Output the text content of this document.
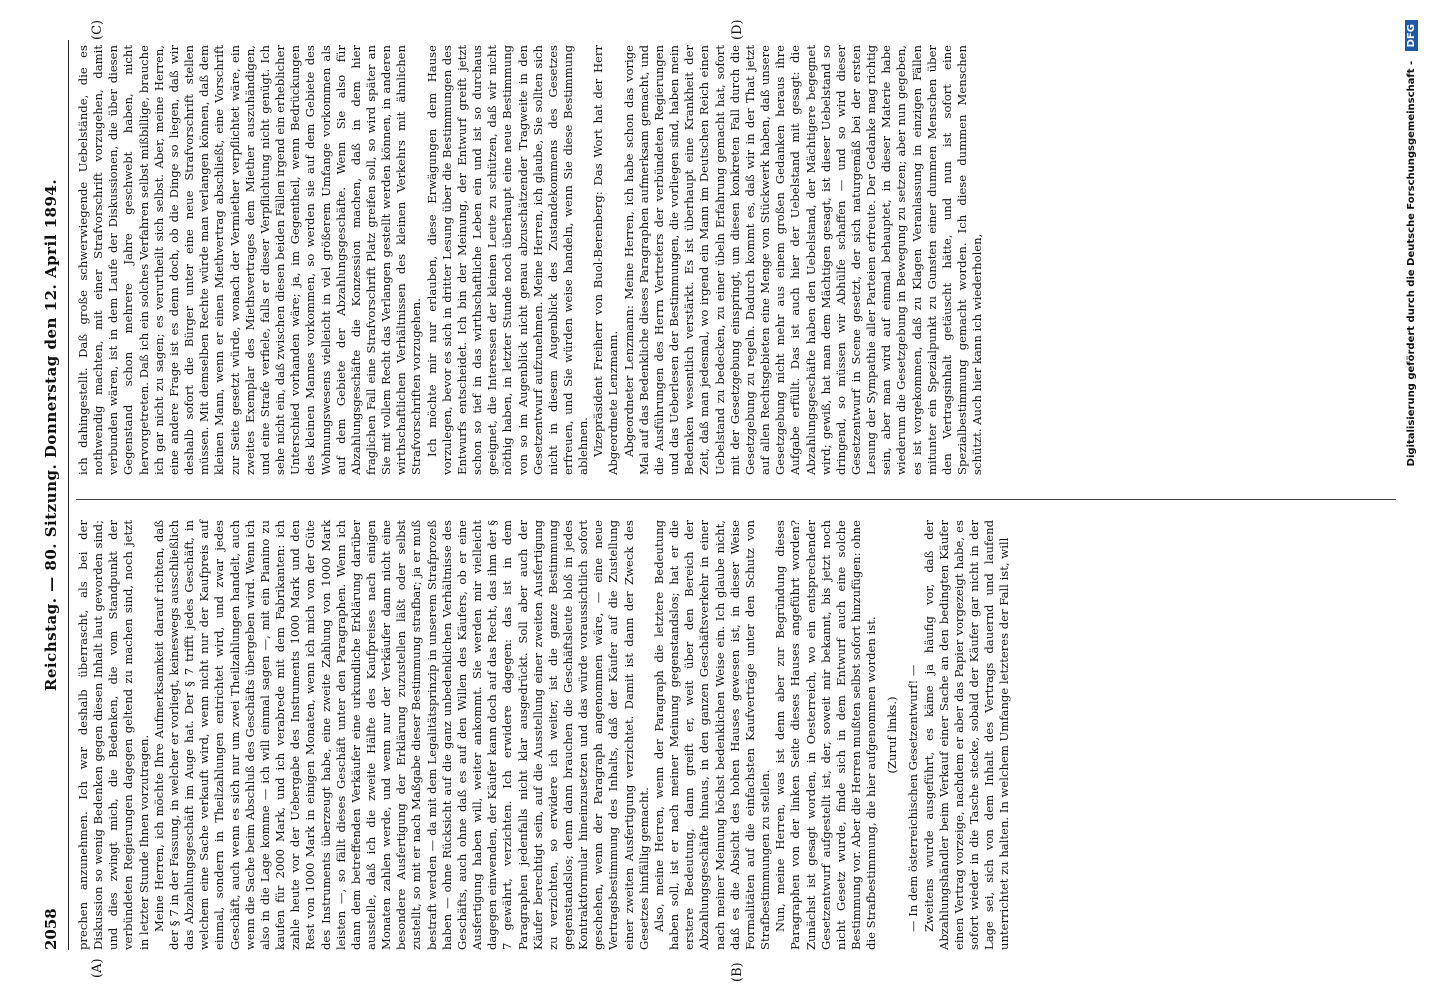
2058
Reichstag. — 80. Sitzung. Donnerstag den 12. April 1894.
(A)	(B)
(C)	(D)

prechen anzunehmen. Ich war deshalb überrascht, als bei der Diskussion so wenig Bedenken gegen diesen Inhalt laut geworden sind; und dies zwingt mich, die Bedenken, die vom Standpunkt der verbündeten Regierungen dagegen geltend zu machen sind, noch jetzt in letzter Stunde Ihnen vorzutragen. Meine Herren, ich möchte Ihre Aufmerksamkeit darauf richten, daß der § 7 in der Fassung, in welcher er vorliegt, keineswegs ausschließlich das Abzahlungsgeschäft im Auge hat. Der § 7 trifft jedes Geschäft, in welchem eine Sache verkauft wird, wenn nicht nur der Kaufpreis auf einmal, sondern in Theilzahlungen entrichtet wird, und zwar jedes Geschäft, auch wenn es sich nur um zwei Theilzahlungen handelt, auch wenn die Sache beim Abschluß des Geschäfts übergeben wird. Wenn ich also in die Lage komme — ich will einmal sagen —, mit ein Pianino zu kaufen für 2000 Mark, und ich verabrede mit dem Fabrikanten: ich zahle heute vor der Uebergabe des Instruments 1000 Mark und den Rest von 1000 Mark in einigen Monaten, wenn ich mich von der Güte des Instruments überzeugt habe, eine zweite Zahlung von 1000 Mark leisten —, so fällt dieses Geschäft unter den Paragraphen. Wenn ich dann dem betreffenden Verkäufer eine urkundliche Erklärung darüber ausstelle, daß ich die zweite Hälfte des Kaufpreises nach einigen Monaten zahlen werde, und wenn nur der Verkäufer dann nicht eine besondere Ausfertigung der Erklärung zuzustellen läßt oder selbst zustellt, so mit er nach Maßgabe dieser Bestimmung strafbar; ja er muß bestraft werden — da mit dem Legalitätsprinzip in unserem Strafprozeß haben — ohne Rücksicht auf die ganz unbedenklichen Verhältnisse des Geschäfts, auch ohne daß es auf den Willen des Käufers, ob er eine Ausfertigung haben will, weiter ankommt. Sie werden mir vielleicht dagegen einwenden, der Käufer kann doch auf das Recht, das ihm der § 7 gewährt, verzichten. Ich erwidere dagegen: das ist in dem Paragraphen jedenfalls nicht klar ausgedrückt. Soll aber auch der Käufer berechtigt sein, auf die Ausstellung einer zweiten Ausfertigung zu verzichten, so erwidere ich weiter, ist die ganze Bestimmung gegenstandslos; denn dann brauchen die Geschäftsleute bloß in jedes Kontraktformular hineinzusetzen und das würde voraussichtlich sofort geschehen, wenn der Paragraph angenommen wäre, — eine neue Vertragsbestimmung des Inhalts, daß der Käufer auf die Zustellung einer zweiten Ausfertigung verzichtet. Damit ist dann der Zweck des Gesetzes hinfällig gemacht. Also, meine Herren, wenn der Paragraph die letztere Bedeutung haben soll, ist er nach meiner Meinung gegenstandslos; hat er die erstere Bedeutung, dann greift er, weit über den Bereich der Abzahlungsgeschäfte hinaus, in den ganzen Geschäftsverkehr in einer nach meiner Meinung höchst bedenklichen Weise ein. Ich glaube nicht, daß es die Absicht des hohen Hauses gewesen ist, in dieser Weise Formalitäten auf die einfachsten Kaufverträge unter den Schutz von Strafbestimmungen zu stellen. Nun, meine Herren, was ist denn aber zur Begründung dieses Paragraphen von der linken Seite dieses Hauses angeführt worden? Zunächst ist gesagt worden, in Oesterreich, wo ein entsprechender Gesetzentwurf aufgestellt ist, der, soweit mir bekannt, bis jetzt noch nicht Gesetz wurde, finde sich in dem Entwurf auch eine solche Bestimmung vor. Aber die Herren mußten selbst sofort hinzufügen: ohne die Strafbestimmung, die hier aufgenommen worden ist. (Zuruf links.) — In dem österreichischen Gesetzentwurf! — Zweitens wurde ausgeführt, es käme ja häufig vor, daß der Abzahlungshändler beim Verkauf einer Sache an den bedingten Käufer einen Vertrag vorzeige, nachdem er aber das Papier vorgezeigt habe, es sofort wieder in die Tasche stecke, sobald der Käufer gar nicht in der Lage sei, sich von dem Inhalt des Vertrags dauernd und laufend unterrichtet zu halten. In welchem Umfange letzteres der Fall ist, will

ich dahingestellt. Daß große schwerwiegende Uebelstände, die es nothwendig machten, mit einer Strafvorschrift vorzugehen, damit verbunden wären, ist in dem Laufe der Diskussionen, die über diesen Gegenstand schon mehrere Jahre geschwebt haben, nicht hervorgetreten. Daß ich ein solches Verfahren selbst mißbillige, brauche ich gar nicht zu sagen; es verurtheilt sich selbst. Aber, meine Herren, eine andere Frage ist es denn doch, ob die Dinge so liegen, daß wir deshalb sofort die Bürger unter eine neue Strafvorschrift stellen müssen. Mit demselben Rechte würde man verlangen können, daß dem kleinen Mann, wenn er einen Miethvertrag abschließt, eine Vorschrift zur Seite gesetzt würde, wonach der Vermiether verpflichtet wäre, ein zweites Exemplar des Miethsvertrages dem Miether auszuhändigen, und eine Strafe verfiele, falls er dieser Verpflichtung nicht genügt. Ich sehe nicht ein, daß zwischen diesen beiden Fällen irgend ein erheblicher Unterschied vorhanden wäre; ja, im Gegentheil, wenn Bedrückungen des kleinen Mannes vorkommen, so werden sie auf dem Gebiete des Wohnungswesens vielleicht in viel größerem Umfange vorkommen als auf dem Gebiete der Abzahlungsgeschäfte. Wenn Sie also für Abzahlungsgeschäfte die Konzession machen, daß in dem hier fraglichen Fall eine Strafvorschrift Platz greifen soll, so wird später an Sie mit vollem Recht das Verlangen gestellt werden können, in anderen wirthschaftlichen Verhältnissen des kleinen Verkehrs mit ähnlichen Strafvorschriften vorzugehen. Ich möchte mir nur erlauben, diese Erwägungen dem Hause vorzulegen, bevor es sich in dritter Lesung über die Bestimmungen des Entwurfs entscheidet. Ich bin der Meinung, der Entwurf greift jetzt schon so tief in das wirthschaftliche Leben ein und ist so durchaus geeignet, die Interessen der kleinen Leute zu schützen, daß wir nicht nöthig haben, in letzter Stunde noch überhaupt eine neue Bestimmung von so im Augenblick nicht genau abzuschätzender Tragweite in den Gesetzentwurf aufzunehmen. Meine Herren, ich glaube, Sie sollten sich nicht in diesem Augenblick des Zustandekommens des Gesetzes erfreuen, und Sie würden weise handeln, wenn Sie diese Bestimmung ablehnen. Vizepräsident Freiherr von Buol-Berenberg: Das Wort hat der Herr Abgeordnete Lenzmann. Abgeordneter Lenzmann: Meine Herren, ich habe schon das vorige Mal auf das Bedenkliche dieses Paragraphen aufmerksam gemacht, und die Ausführungen des Herrn Vertreters der verbündeten Regierungen und das Ueberlesen der Bestimmungen, die vorliegen sind, haben mein Bedenken wesentlich verstärkt. Es ist überhaupt eine Krankheit der Zeit, daß man jedesmal, wo irgend ein Mann im Deutschen Reich einen Uebelstand zu bedecken, zu einer übeln Erfahrung gemacht hat, sofort mit der Gesetzgebung einspringt, um diesen konkreten Fall durch die Gesetzgebung zu regeln. Dadurch kommt es, daß wir in der That jetzt auf allen Rechtsgebieten eine Menge von Stückwerk haben, daß unsere Gesetzgebung nicht mehr aus einem großen Gedanken heraus ihre Aufgabe erfüllt. Das ist auch hier der Uebelstand mit gesagt: die Abzahlungsgeschäfte haben den Uebelstand, der Mächtigere begegnet wird; gewiß, hat man dem Mächtigen gesagt, ist dieser Uebelstand so dringend, so müssen wir Abhülfe schaffen — und so wird dieser Gesetzentwurf in Scene gesetzt, der sich naturgemäß bei der ersten Lesung der Sympathie aller Parteien erfreute. Der Gedanke mag richtig sein, aber man wird auf einmal behauptet, in dieser Materie habe wiederum die Gesetzgebung in Bewegung zu setzen; aber nun gegeben, es ist vorgekommen, daß zu Klagen Veranlassung in einzigen Fällen mitunter ein Spezialpunkt zu Gunsten einer dummen Menschen über den Vertragsinhalt getäuscht hätte, und nun ist sofort eine Spezialbestimmung gemacht worden. Ich diese dummen Menschen schützt. Auch hier kann ich wiederholen,	Digitalisierung gefördert durch die Deutsche Forschungsgemeinschaft - DFG
